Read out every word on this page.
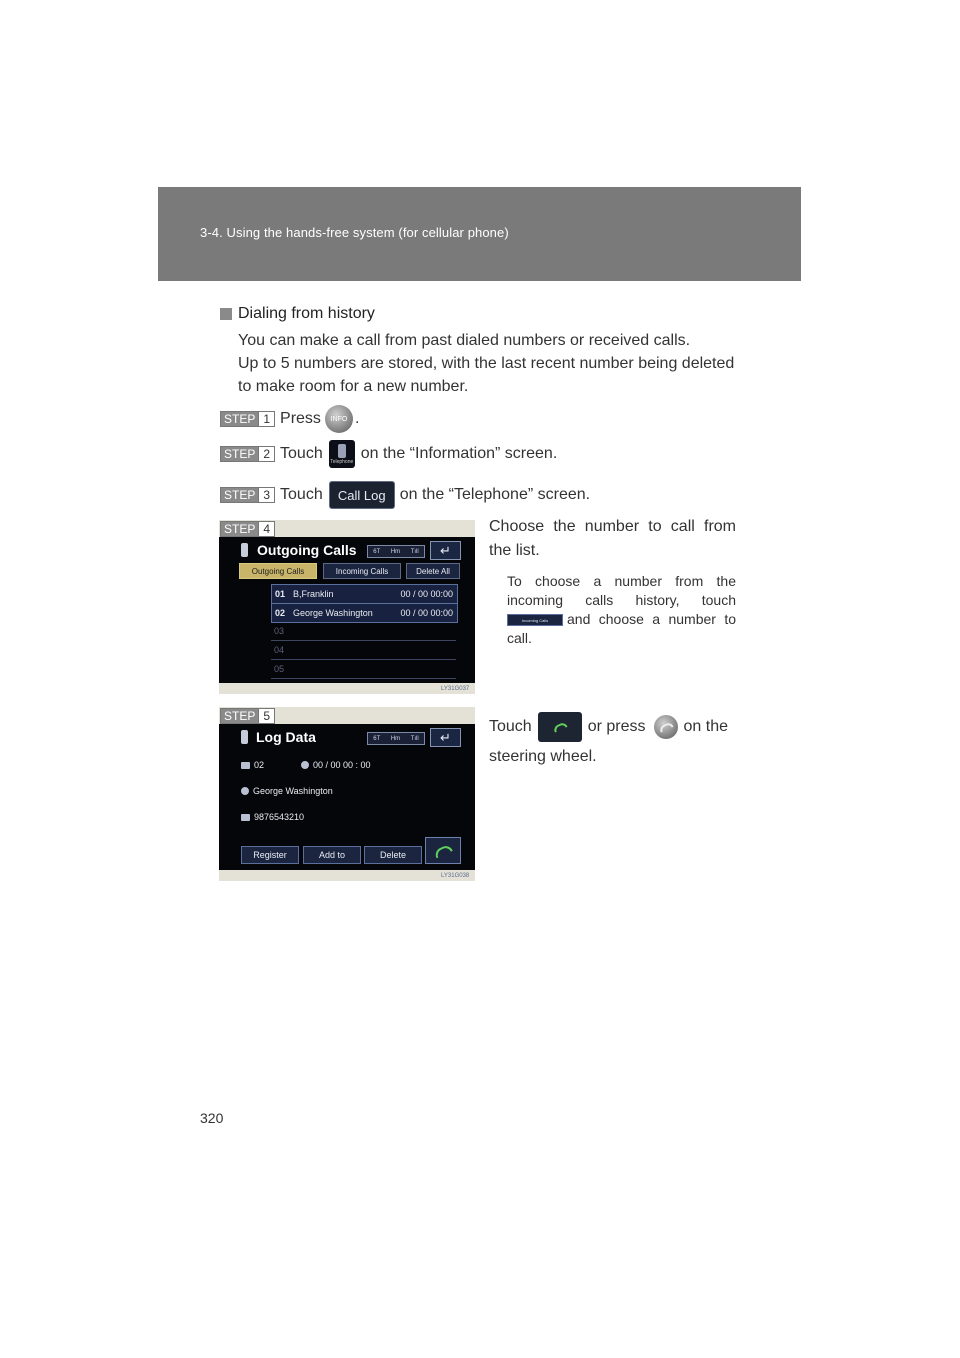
3-4. Using the hands-free system (for cellular phone)
Dialing from history
You can make a call from past dialed numbers or received calls.
Up to 5 numbers are stored, with the last recent number being deleted
to make room for a new number.
STEP 1 Press INFO .
STEP 2 Touch Telephone on the “Information” screen.
STEP 3 Touch	Call Log on the “Telephone” screen.
STEP 4
Outgoing Calls	6T Hm Tıll	↵
Outgoing Calls	Incoming Calls	Delete All
01 B,Franklin	00 / 00 00:00
02 George Washington	00 / 00 00:00
03
04
05
LY31G037
Choose the number to call from the list.
To choose a number from the incoming calls history, touch Incoming Calls and choose a number to call.
STEP 5
Log Data	6T Hm Tıll	↵
02	00 / 00 00 : 00
George Washington
9876543210
Register	Add to	Delete
LY31G038
Touch	or press on the
steering wheel.
320
